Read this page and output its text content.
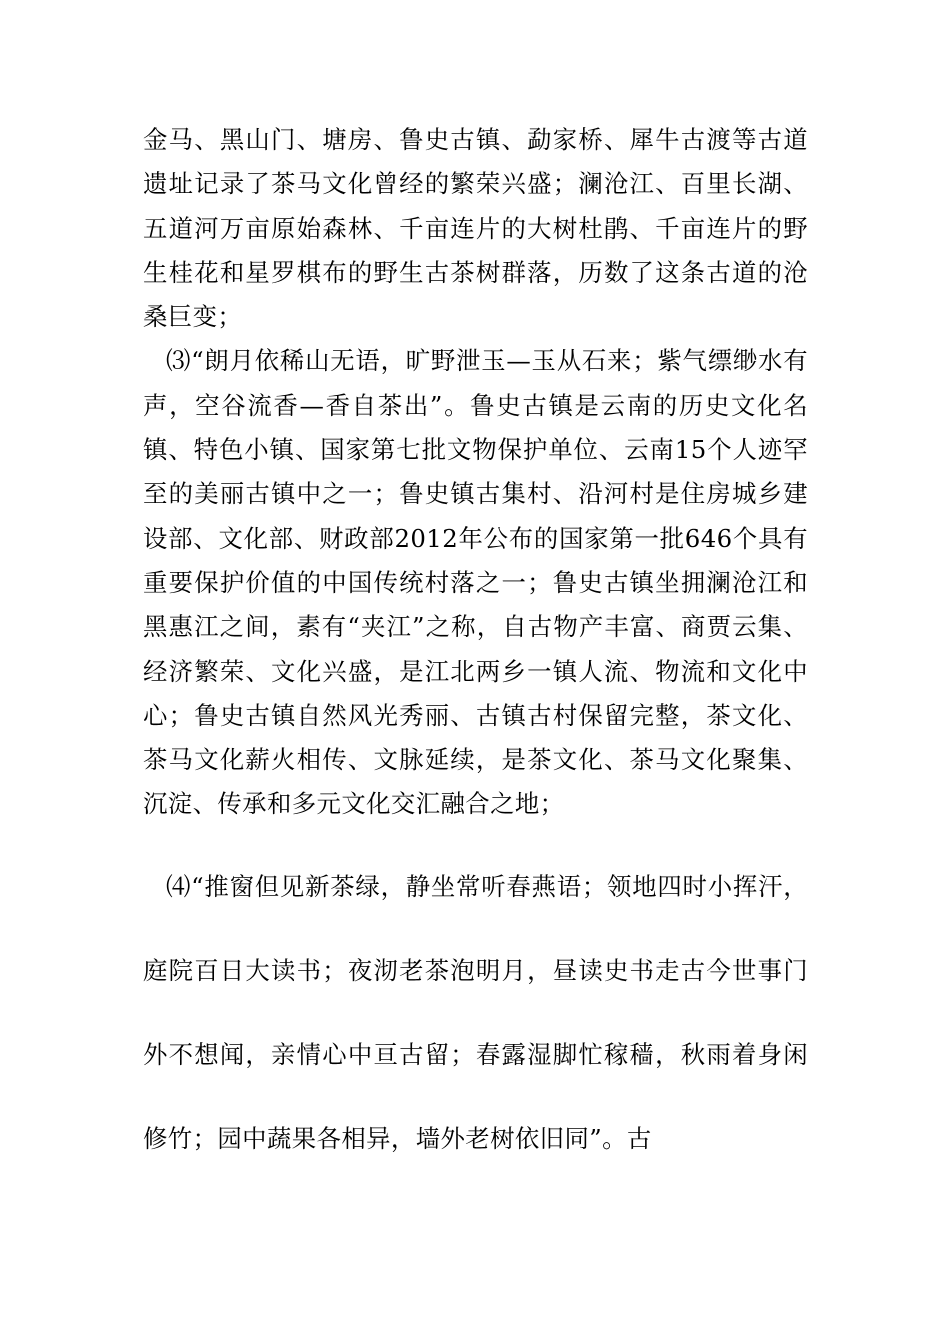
金马、黑山门、塘房、鲁史古镇、勐家桥、犀牛古渡等古道遗址记录了茶马文化曾经的繁荣兴盛；澜沧江、百里长湖、五道河万亩原始森林、千亩连片的大树杜鹃、千亩连片的野生桂花和星罗棋布的野生古茶树群落，历数了这条古道的沧桑巨变；

⑶“朗月依稀山无语，旷野泄玉—玉从石来；紫气缥缈水有声，空谷流香—香自茶出”。鲁史古镇是云南的历史文化名镇、特色小镇、国家第七批文物保护单位、云南15个人迹罕至的美丽古镇中之一；鲁史镇古集村、沿河村是住房城乡建设部、文化部、财政部2012年公布的国家第一批646个具有重要保护价值的中国传统村落之一；鲁史古镇坐拥澜沧江和黑惠江之间，素有“夹江”之称，自古物产丰富、商贾云集、经济繁荣、文化兴盛，是江北两乡一镇人流、物流和文化中心；鲁史古镇自然风光秀丽、古镇古村保留完整，茶文化、茶马文化薪火相传、文脉延续，是茶文化、茶马文化聚集、沉淀、传承和多元文化交汇融合之地；

⑷“推窗但见新茶绿，静坐常听春燕语；领地四时小挥汗，庭院百日大读书；夜沏老茶泡明月，昼读史书走古今世事门外不想闻，亲情心中亘古留；春露湿脚忙稼穑，秋雨着身闲修竹；园中蔬果各相异，墙外老树依旧同”。古
